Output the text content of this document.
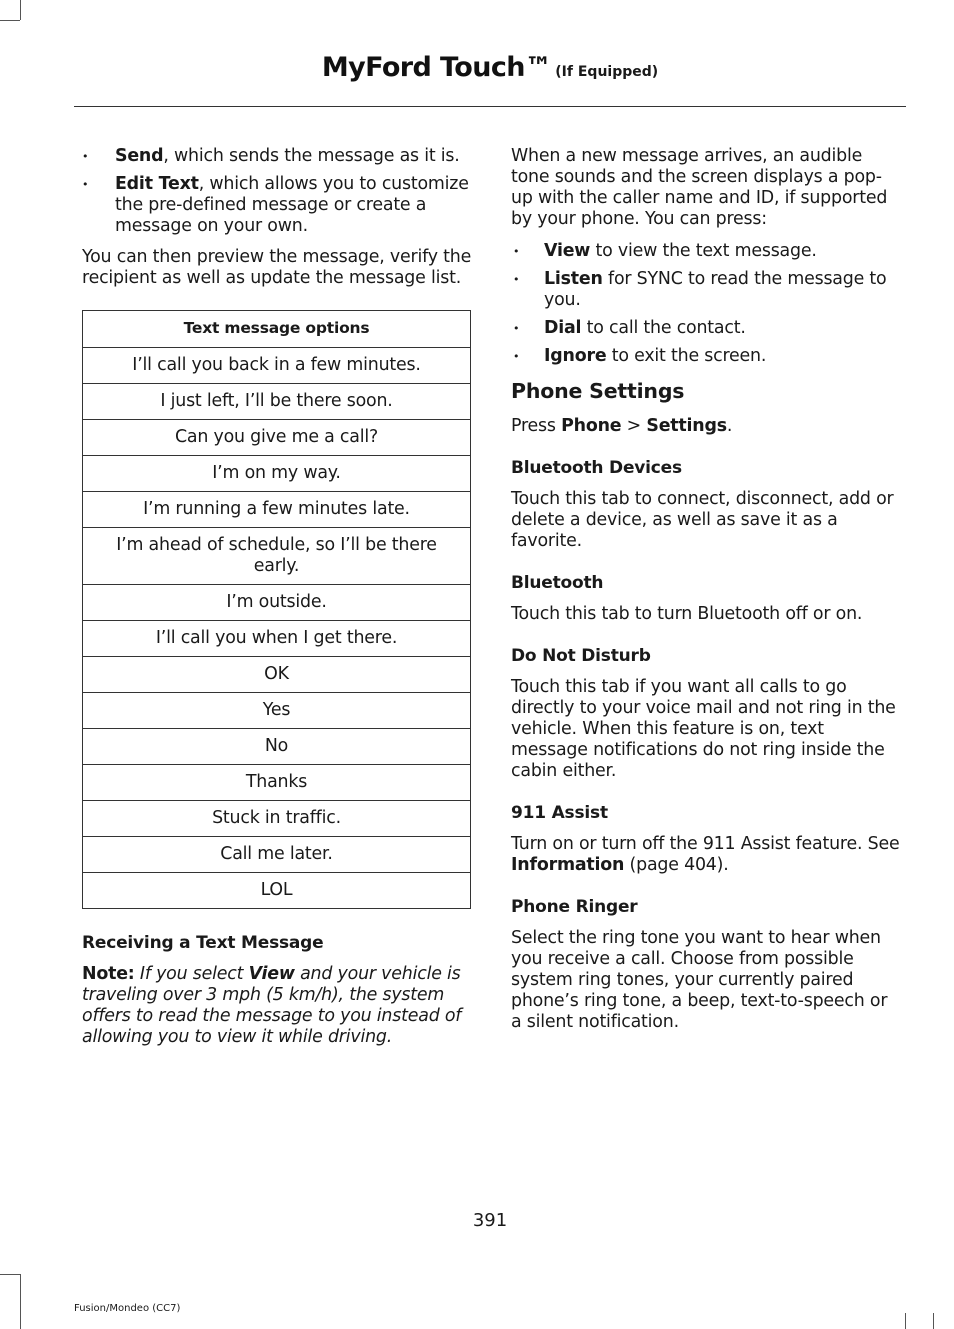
MyFord Touch™ (If Equipped)
• Send, which sends the message as it is.
• Edit Text, which allows you to customize the pre-defined message or create a message on your own.

You can then preview the message, verify the recipient as well as update the message list.

Text message options
I’ll call you back in a few minutes.
I just left, I’ll be there soon.
Can you give me a call?
I’m on my way.
I’m running a few minutes late.
I’m ahead of schedule, so I’ll be there early.
I’m outside.
I’ll call you when I get there.
OK
Yes
No
Thanks
Stuck in traffic.
Call me later.
LOL
Receiving a Text Message

Note: If you select View and your vehicle is traveling over 3 mph (5 km/h), the system offers to read the message to you instead of allowing you to view it while driving.

When a new message arrives, an audible tone sounds and the screen displays a pop-up with the caller name and ID, if supported by your phone. You can press:

• View to view the text message.
• Listen for SYNC to read the message to you.
• Dial to call the contact.
• Ignore to exit the screen.
Phone Settings

Press Phone > Settings.

Bluetooth Devices

Touch this tab to connect, disconnect, add or delete a device, as well as save it as a favorite.

Bluetooth

Touch this tab to turn Bluetooth off or on.

Do Not Disturb

Touch this tab if you want all calls to go directly to your voice mail and not ring in the vehicle. When this feature is on, text message notifications do not ring inside the cabin either.

911 Assist

Turn on or turn off the 911 Assist feature. See Information (page 404).

Phone Ringer

Select the ring tone you want to hear when you receive a call. Choose from possible system ring tones, your currently paired phone’s ring tone, a beep, text-to-speech or a silent notification.

391
Fusion/Mondeo (CC7)
